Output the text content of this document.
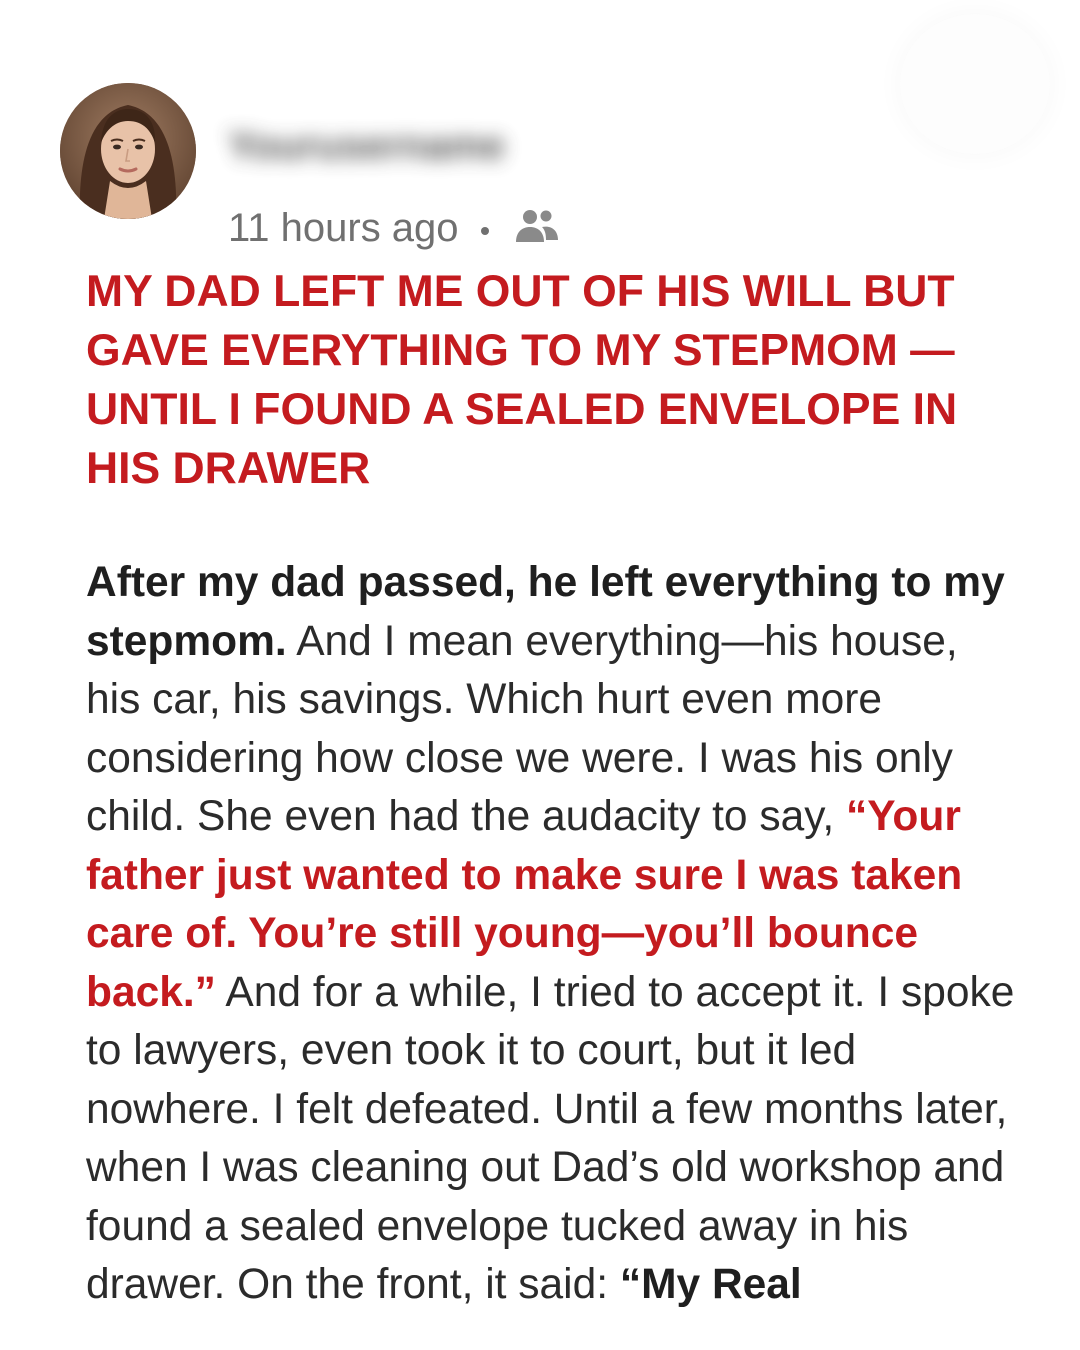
Yourusername
11 hours ago
MY DAD LEFT ME OUT OF HIS WILL BUT GAVE EVERYTHING TO MY STEPMOM — UNTIL I FOUND A SEALED ENVELOPE IN HIS DRAWER

After my dad passed, he left everything to my stepmom. And I mean everything—his house, his car, his savings. Which hurt even more considering how close we were. I was his only child. She even had the audacity to say, “Your father just wanted to make sure I was taken care of. You’re still young—you’ll bounce back.” And for a while, I tried to accept it. I spoke to lawyers, even took it to court, but it led nowhere. I felt defeated. Until a few months later, when I was cleaning out Dad’s old workshop and found a sealed envelope tucked away in his drawer. On the front, it said: “My Real
